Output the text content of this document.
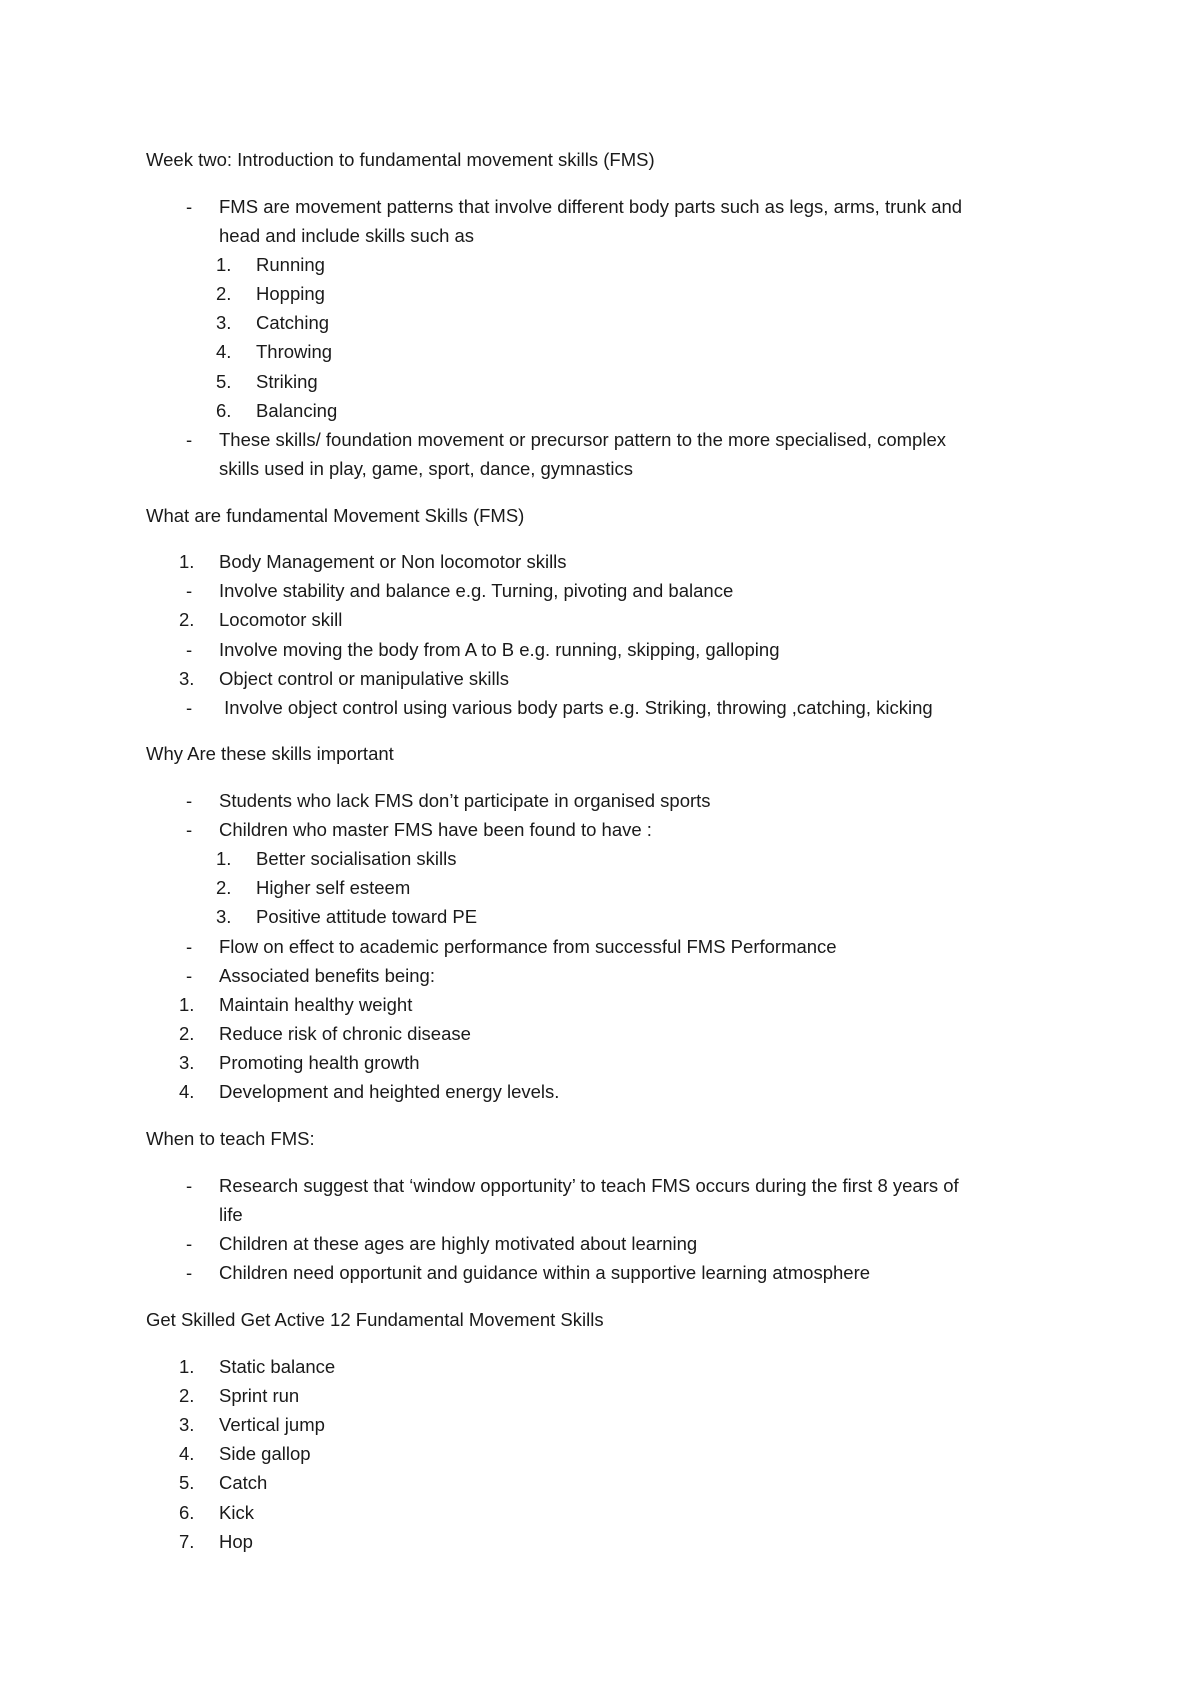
Week two: Introduction to fundamental movement skills (FMS)
- FMS are movement patterns that involve different body parts such as legs, arms, trunk and
head and include skills such as
1.	Running
2.	Hopping
3.	Catching
4.	Throwing
5.	Striking
6.	Balancing
- These skills/ foundation movement or precursor pattern to the more specialised, complex
skills used in play, game, sport, dance, gymnastics
What are fundamental Movement Skills (FMS)
1.	Body Management or Non locomotor skills
- Involve stability and balance e.g. Turning, pivoting and balance
2.	Locomotor skill
- Involve moving the body from A to B e.g. running, skipping, galloping
3.	Object control or manipulative skills
- Involve object control using various body parts e.g. Striking, throwing ,catching, kicking
Why Are these skills important
- Students who lack FMS don’t participate in organised sports
- Children who master FMS have been found to have :
1.	Better socialisation skills
2.	Higher self esteem
3.	Positive attitude toward PE
- Flow on effect to academic performance from successful FMS Performance
- Associated benefits being:
1.	Maintain healthy weight
2.	Reduce risk of chronic disease
3.	Promoting health growth
4.	Development and heighted energy levels.
When to teach FMS:
- Research suggest that ‘window opportunity’ to teach FMS occurs during the first 8 years of
life
- Children at these ages are highly motivated about learning
- Children need opportunit and guidance within a supportive learning atmosphere
Get Skilled Get Active 12 Fundamental Movement Skills
1.	Static balance
2.	Sprint run
3.	Vertical jump
4.	Side gallop
5.	Catch
6.	Kick
7.	Hop
